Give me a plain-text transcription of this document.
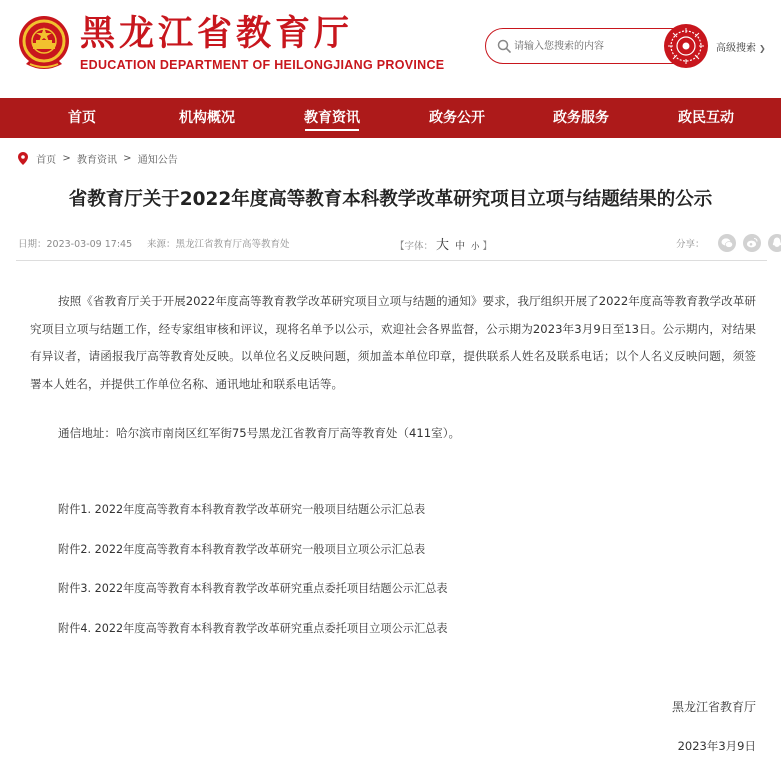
黑龙江省教育厅
EDUCATION DEPARTMENT OF HEILONGJIANG PROVINCE
请输入您搜索的内容
高级搜索 ❯
首页	机构概况	教育资讯	政务公开	政务服务	政民互动
首页 > 教育资讯 > 通知公告
省教育厅关于2022年度高等教育本科教学改革研究项目立项与结题结果的公示
日期：2023-03-09 17:45 来源：黑龙江省教育厅高等教育处	【字体： 大 中 小 】	分享：

按照《省教育厅关于开展2022年度高等教育教学改革研究项目立项与结题的通知》要求，我厅组织开展了2022年度高等教育教学改革研究项目立项与结题工作，经专家组审核和评议，现将名单予以公示，欢迎社会各界监督，公示期为2023年3月9日至13日。公示期内，对结果有异议者，请函报我厅高等教育处反映。以单位名义反映问题，须加盖本单位印章，提供联系人姓名及联系电话；以个人名义反映问题，须签署本人姓名，并提供工作单位名称、通讯地址和联系电话等。

通信地址：哈尔滨市南岗区红军街75号黑龙江省教育厅高等教育处（411室）。
附件1. 2022年度高等教育本科教育教学改革研究一般项目结题公示汇总表
附件2. 2022年度高等教育本科教育教学改革研究一般项目立项公示汇总表
附件3. 2022年度高等教育本科教育教学改革研究重点委托项目结题公示汇总表
附件4. 2022年度高等教育本科教育教学改革研究重点委托项目立项公示汇总表
黑龙江省教育厅
2023年3月9日
